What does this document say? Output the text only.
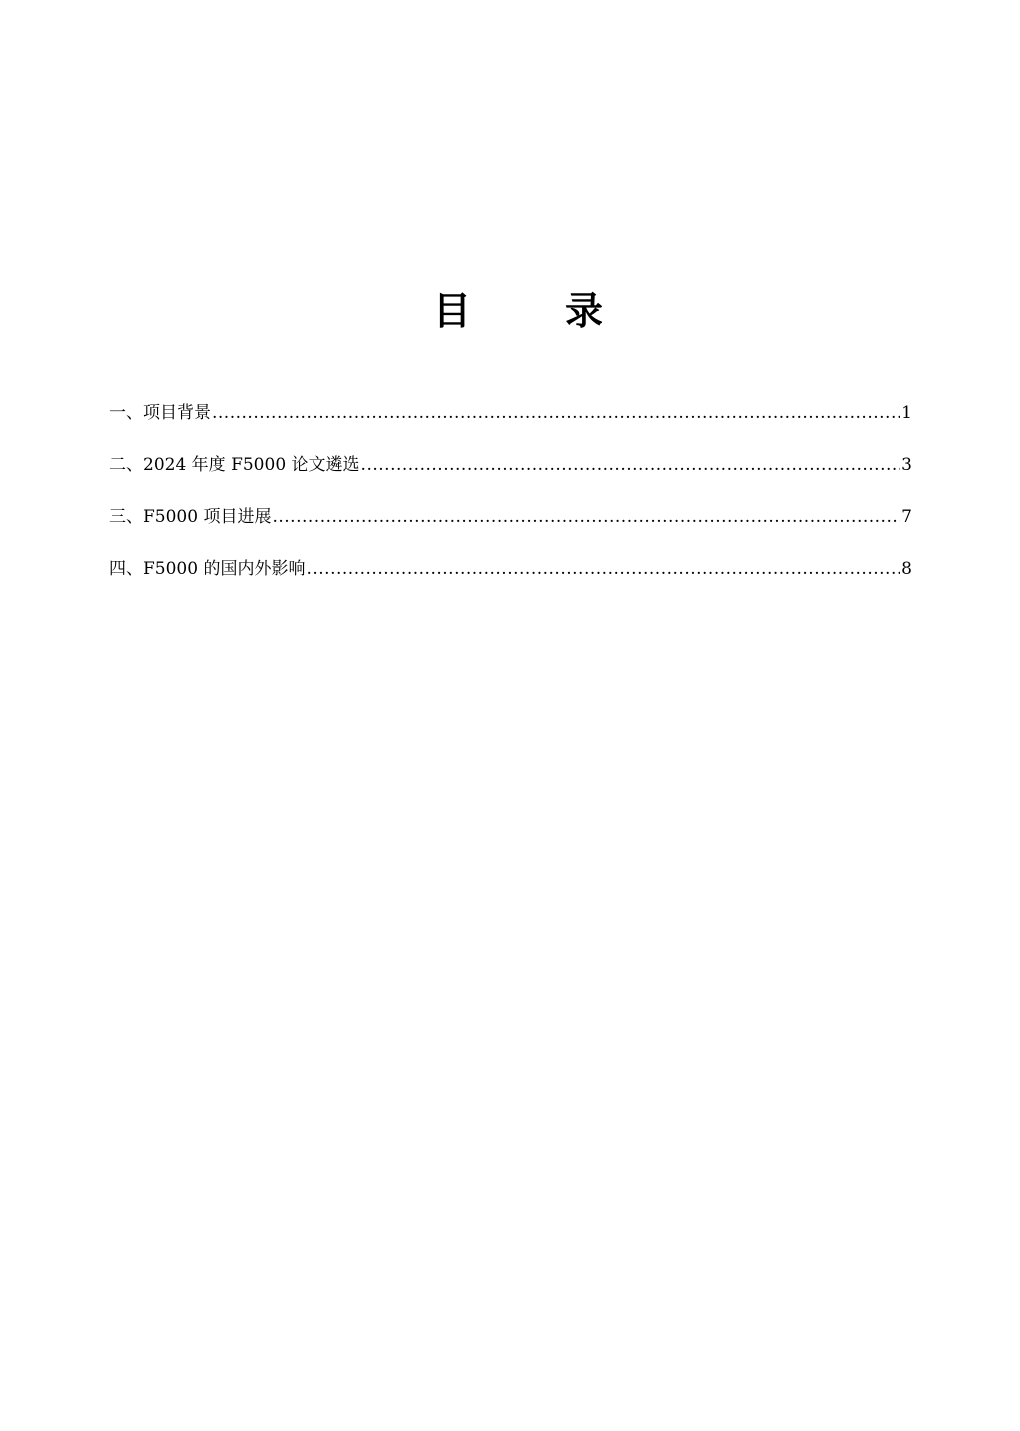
目　录
一、项目背景 .....	1
二、2024 年度 F5000 论文遴选 .....	3
三、F5000 项目进展 .....	7
四、F5000 的国内外影响 .....	8
